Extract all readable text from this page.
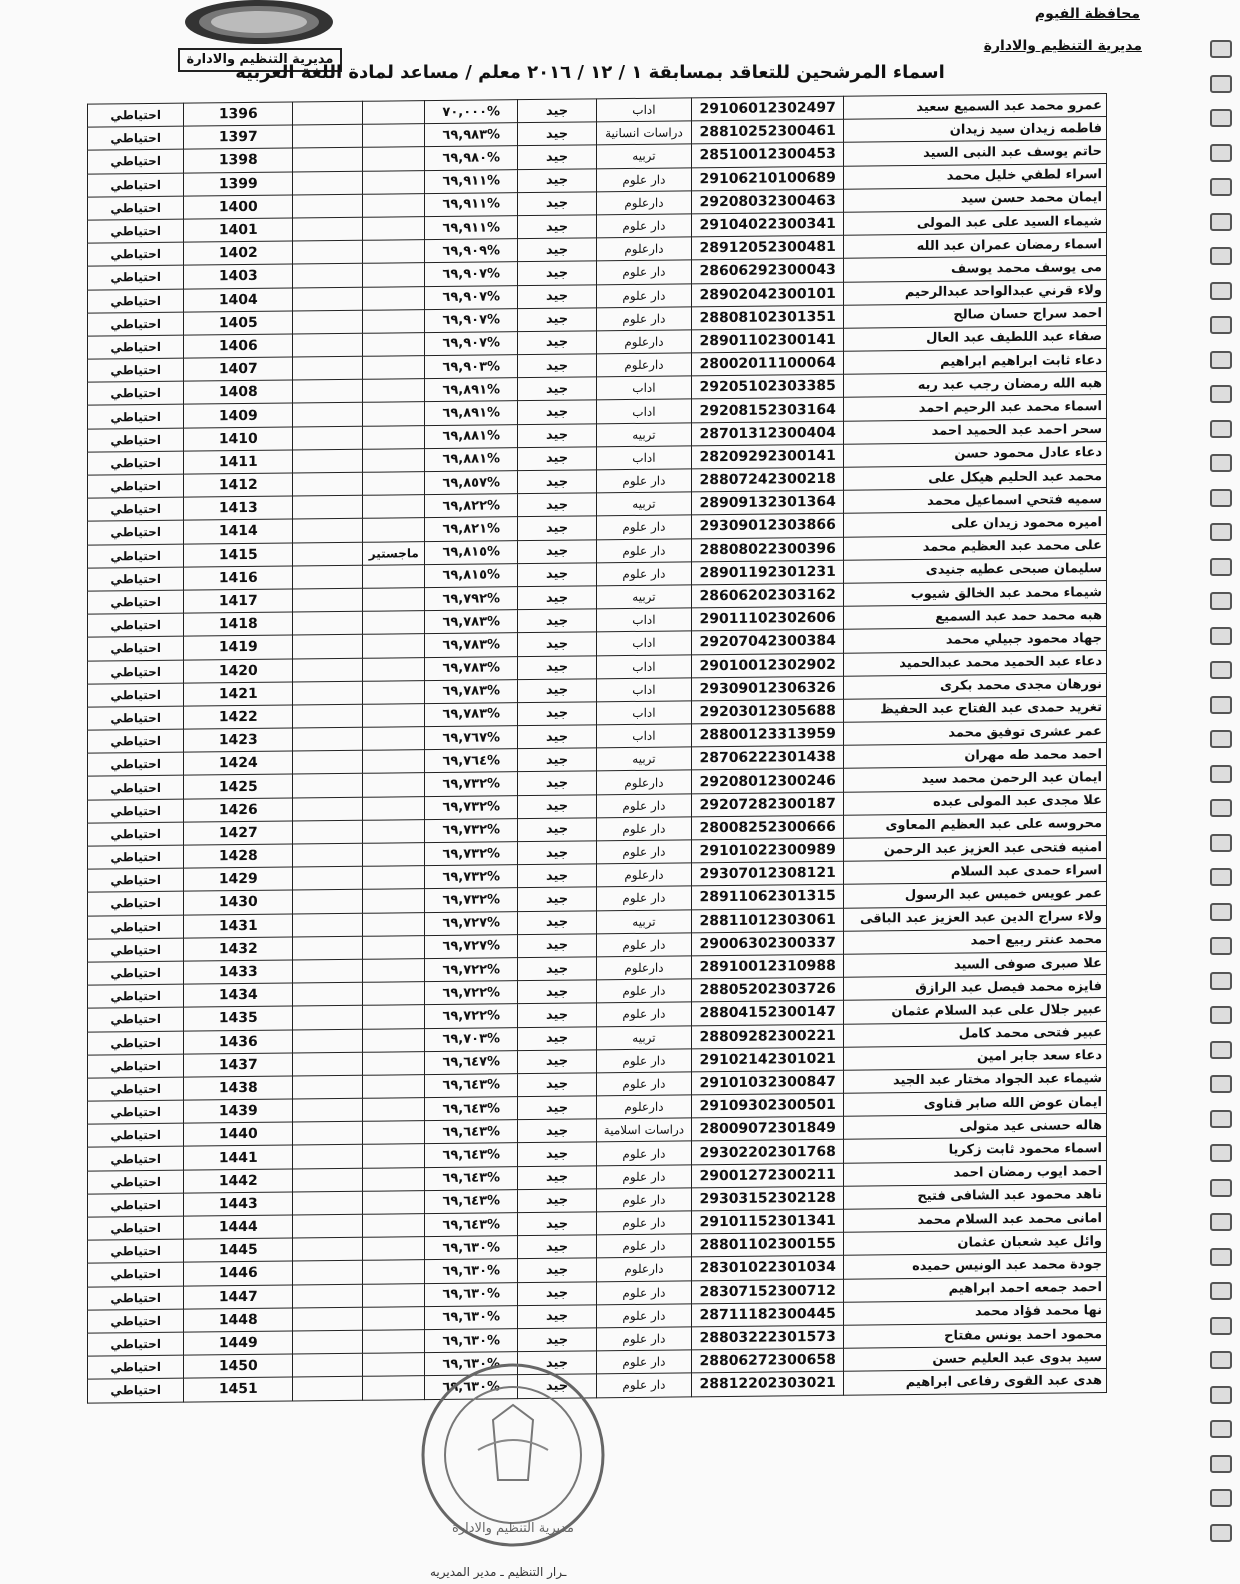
محافظة الفيوم
مديرية التنظيم والادارة
مديرية التنظيم والادارة
اسماء المرشحين للتعاقد بمسابقة ١ / ١٢ / ٢٠١٦ معلم / مساعد لمادة اللغة العربيه
عمرو محمد عبد السميع سعيد	29106012302497	اداب	جيد	%٧٠,٠٠٠			1396	احتياطي
فاطمه زيدان سيد زيدان	28810252300461	دراسات انسانية	جيد	%٦٩,٩٨٣			1397	احتياطي
حاتم يوسف عبد النبى السيد	28510012300453	تربيه	جيد	%٦٩,٩٨٠			1398	احتياطي
اسراء لطفي خليل محمد	29106210100689	دار علوم	جيد	%٦٩,٩١١			1399	احتياطي
ايمان محمد حسن سيد	29208032300463	دارعلوم	جيد	%٦٩,٩١١			1400	احتياطي
شيماء السيد على عبد المولى	29104022300341	دار علوم	جيد	%٦٩,٩١١			1401	احتياطي
اسماء رمضان عمران عبد الله	28912052300481	دارعلوم	جيد	%٦٩,٩٠٩			1402	احتياطي
مى يوسف محمد يوسف	28606292300043	دار علوم	جيد	%٦٩,٩٠٧			1403	احتياطي
ولاء قرني عبدالواحد عبدالرحيم	28902042300101	دار علوم	جيد	%٦٩,٩٠٧			1404	احتياطي
احمد سراج حسان صالح	28808102301351	دار علوم	جيد	%٦٩,٩٠٧			1405	احتياطي
صفاء عبد اللطيف عبد العال	28901102300141	دارعلوم	جيد	%٦٩,٩٠٧			1406	احتياطي
دعاء ثابت ابراهيم ابراهيم	28002011100064	دارعلوم	جيد	%٦٩,٩٠٣			1407	احتياطي
هبه الله رمضان رجب عبد ربه	29205102303385	اداب	جيد	%٦٩,٨٩١			1408	احتياطي
اسماء محمد عبد الرحيم احمد	29208152303164	اداب	جيد	%٦٩,٨٩١			1409	احتياطي
سحر احمد عبد الحميد احمد	28701312300404	تربيه	جيد	%٦٩,٨٨١			1410	احتياطي
دعاء عادل محمود حسن	28209292300141	اداب	جيد	%٦٩,٨٨١			1411	احتياطي
محمد عبد الحليم هيكل على	28807242300218	دار علوم	جيد	%٦٩,٨٥٧			1412	احتياطي
سميه فتحي اسماعيل محمد	28909132301364	تربيه	جيد	%٦٩,٨٢٢			1413	احتياطي
اميره محمود زيدان على	29309012303866	دار علوم	جيد	%٦٩,٨٢١			1414	احتياطي
على محمد عبد العظيم محمد	28808022300396	دار علوم	جيد	%٦٩,٨١٥	ماجستير		1415	احتياطي
سليمان صبحى عطيه جنيدى	28901192301231	دار علوم	جيد	%٦٩,٨١٥			1416	احتياطي
شيماء محمد عبد الخالق شيوب	28606202303162	تربيه	جيد	%٦٩,٧٩٢			1417	احتياطي
هبه محمد حمد عبد السميع	29011102302606	اداب	جيد	%٦٩,٧٨٣			1418	احتياطي
جهاد محمود جبيلي محمد	29207042300384	اداب	جيد	%٦٩,٧٨٣			1419	احتياطي
دعاء عبد الحميد محمد عبدالحميد	29010012302902	اداب	جيد	%٦٩,٧٨٣			1420	احتياطي
نورهان مجدى محمد بكرى	29309012306326	اداب	جيد	%٦٩,٧٨٣			1421	احتياطي
تغريد حمدى عبد الفتاح عبد الحفيظ	29203012305688	اداب	جيد	%٦٩,٧٨٣			1422	احتياطي
عمر عشرى توفيق محمد	28800123313959	اداب	جيد	%٦٩,٧٦٧			1423	احتياطي
احمد محمد طه مهران	28706222301438	تربيه	جيد	%٦٩,٧٦٤			1424	احتياطي
ايمان عبد الرحمن محمد سيد	29208012300246	دارعلوم	جيد	%٦٩,٧٣٢			1425	احتياطي
علا مجدى عبد المولى عبده	29207282300187	دار علوم	جيد	%٦٩,٧٣٢			1426	احتياطي
محروسه على عبد العظيم المعاوى	28008252300666	دار علوم	جيد	%٦٩,٧٣٢			1427	احتياطي
امنيه فتحى عبد العزيز عبد الرحمن	29101022300989	دار علوم	جيد	%٦٩,٧٣٢			1428	احتياطي
اسراء حمدى عبد السلام	29307012308121	دارعلوم	جيد	%٦٩,٧٣٢			1429	احتياطي
عمر عويس خميس عبد الرسول	28911062301315	دار علوم	جيد	%٦٩,٧٣٢			1430	احتياطي
ولاء سراج الدين عبد العزيز عبد الباقى	28811012303061	تربيه	جيد	%٦٩,٧٢٧			1431	احتياطي
محمد عنتر ربيع احمد	29006302300337	دار علوم	جيد	%٦٩,٧٢٧			1432	احتياطي
علا صبرى صوفى السيد	28910012310988	دارعلوم	جيد	%٦٩,٧٢٢			1433	احتياطي
فايزه محمد فيصل عبد الرازق	28805202303726	دار علوم	جيد	%٦٩,٧٢٢			1434	احتياطي
عبير جلال على عبد السلام عثمان	28804152300147	دار علوم	جيد	%٦٩,٧٢٢			1435	احتياطي
عبير فتحى محمد كامل	28809282300221	تربيه	جيد	%٦٩,٧٠٣			1436	احتياطي
دعاء سعد جابر امين	29102142301021	دار علوم	جيد	%٦٩,٦٤٧			1437	احتياطي
شيماء عبد الجواد مختار عبد الجيد	29101032300847	دار علوم	جيد	%٦٩,٦٤٣			1438	احتياطي
ايمان عوض الله صابر قناوى	29109302300501	دارعلوم	جيد	%٦٩,٦٤٣			1439	احتياطي
هاله حسنى عيد متولى	28009072301849	دراسات اسلامية	جيد	%٦٩,٦٤٣			1440	احتياطي
اسماء محمود ثابت زكريا	29302202301768	دار علوم	جيد	%٦٩,٦٤٣			1441	احتياطي
احمد ايوب رمضان احمد	29001272300211	دار علوم	جيد	%٦٩,٦٤٣			1442	احتياطي
ناهد محمود عبد الشافى فتيح	29303152302128	دار علوم	جيد	%٦٩,٦٤٣			1443	احتياطي
امانى محمد عبد السلام محمد	29101152301341	دار علوم	جيد	%٦٩,٦٤٣			1444	احتياطي
وائل عيد شعبان عثمان	28801102300155	دار علوم	جيد	%٦٩,٦٣٠			1445	احتياطي
جودة محمد عبد الونيس حميده	28301022301034	دارعلوم	جيد	%٦٩,٦٣٠			1446	احتياطي
احمد جمعه احمد ابراهيم	28307152300712	دار علوم	جيد	%٦٩,٦٣٠			1447	احتياطي
نها محمد فؤاد محمد	28711182300445	دار علوم	جيد	%٦٩,٦٣٠			1448	احتياطي
محمود احمد يونس مفتاح	28803222301573	دار علوم	جيد	%٦٩,٦٣٠			1449	احتياطي
سيد بدوى عبد العليم حسن	28806272300658	دار علوم	جيد	%٦٩,٦٣٠			1450	احتياطي
هدى عبد القوى رفاعى ابراهيم	28812202303021	دار علوم	جيد	%٦٩,٦٣٠			1451	احتياطي
مديرية التنظيم والادارة
ـرار التنظيم ـ مدير المديريه
